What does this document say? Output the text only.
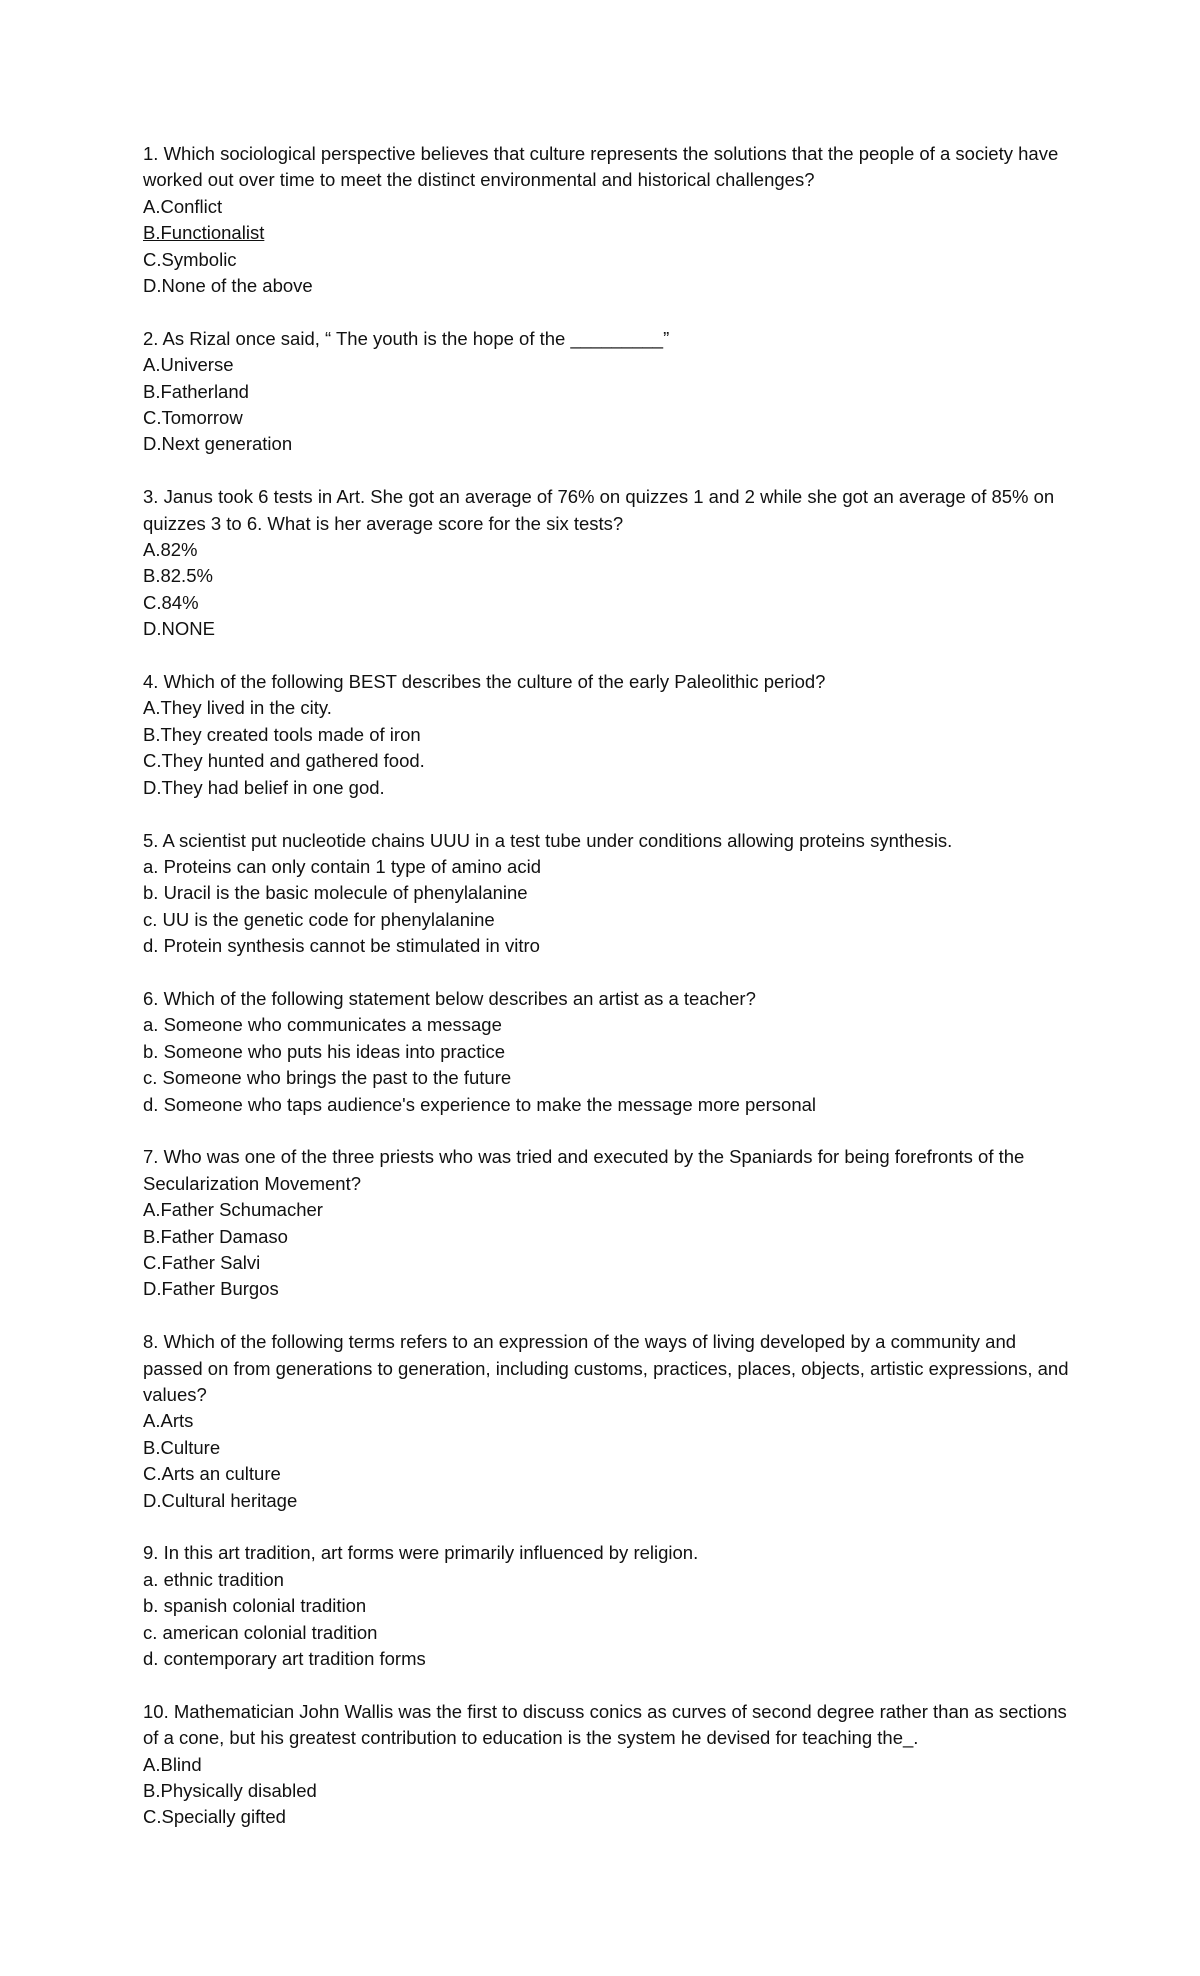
1. Which sociological perspective believes that culture represents the solutions that the people of a society have worked out over time to meet the distinct environmental and historical challenges?
A.Conflict
B.Functionalist
C.Symbolic
D.None of the above
2. As Rizal once said, “ The youth is the hope of the _________”
A.Universe
B.Fatherland
C.Tomorrow
D.Next generation
3. Janus took 6 tests in Art. She got an average of 76% on quizzes 1 and 2 while she got an average of 85% on quizzes 3 to 6. What is her average score for the six tests?
A.82%
B.82.5%
C.84%
D.NONE
4. Which of the following BEST describes the culture of the early Paleolithic period?
A.They lived in the city.
B.They created tools made of iron
C.They hunted and gathered food.
D.They had belief in one god.
5. A scientist put nucleotide chains UUU in a test tube under conditions allowing proteins synthesis.
a. Proteins can only contain 1 type of amino acid
b. Uracil is the basic molecule of phenylalanine
c. UU is the genetic code for phenylalanine
d. Protein synthesis cannot be stimulated in vitro
6. Which of the following statement below describes an artist as a teacher?
a. Someone who communicates a message
b. Someone who puts his ideas into practice
c. Someone who brings the past to the future
d. Someone who taps audience's experience to make the message more personal
7. Who was one of the three priests who was tried and executed by the Spaniards for being forefronts of the Secularization Movement?
A.Father Schumacher
B.Father Damaso
C.Father Salvi
D.Father Burgos
8. Which of the following terms refers to an expression of the ways of living developed by a community and passed on from generations to generation, including customs, practices, places, objects, artistic expressions, and values?
A.Arts
B.Culture
C.Arts an culture
D.Cultural heritage
9. In this art tradition, art forms were primarily influenced by religion.
a. ethnic tradition
b. spanish colonial tradition
c. american colonial tradition
d. contemporary art tradition forms
10. Mathematician John Wallis was the first to discuss conics as curves of second degree rather than as sections of a cone, but his greatest contribution to education is the system he devised for teaching the_.
A.Blind
B.Physically disabled
C.Specially gifted
